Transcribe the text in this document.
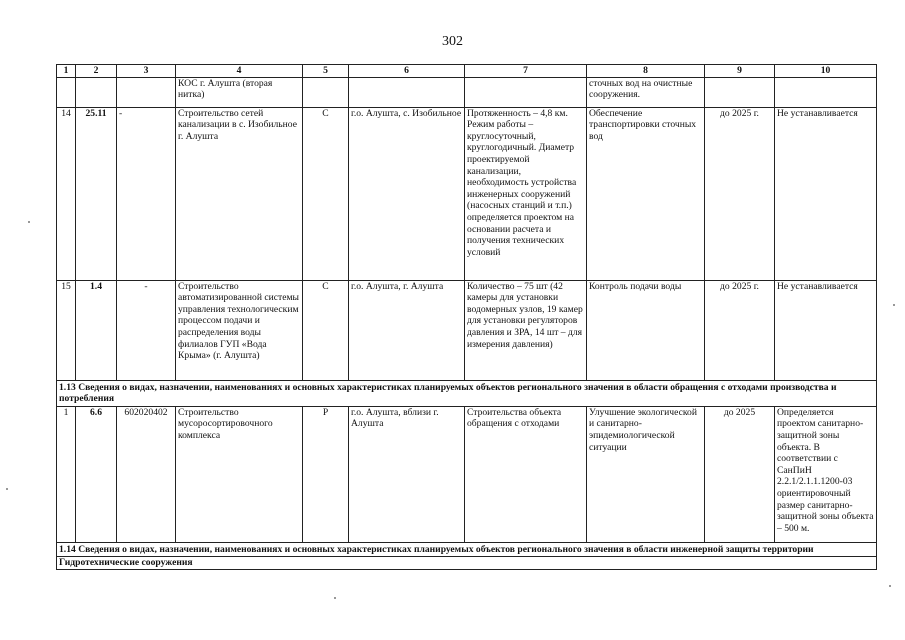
302
1	2	3	4	5	6	7	8	9	10
			КОС г. Алушта (вторая нитка)				сточных вод на очистные сооружения.		
14	25.11	-	Строительство сетей канализации в с. Изобильное г. Алушта	С	г.о. Алушта, с. Изобильное	Протяженность – 4,8 км. Режим работы – круглосуточный, круглогодичный. Диаметр проектируемой канализации, необходимость устройства инженерных сооружений (насосных станций и т.п.) определяется проектом на основании расчета и получения технических условий	Обеспечение транспортировки сточных вод	до 2025 г.	Не устанавливается
15	1.4	-	Строительство автоматизированной системы управления технологическим процессом подачи и распределения воды филиалов ГУП «Вода Крыма» (г. Алушта)	С	г.о. Алушта, г. Алушта	Количество – 75 шт (42 камеры для установки водомерных узлов, 19 камер для установки регуляторов давления и ЗРА, 14 шт – для измерения давления)	Контроль подачи воды	до 2025 г.	Не устанавливается
1.13 Сведения о видах, назначении, наименованиях и основных характеристиках планируемых объектов регионального значения в области обращения с отходами производства и потребления									
1	6.6	602020402	Строительство мусоросортировочного комплекса	Р	г.о. Алушта, вблизи г. Алушта	Строительства объекта обращения с отходами	Улучшение экологической и санитарно-эпидемиологической ситуации	до 2025	Определяется проектом санитарно-защитной зоны объекта. В соответствии с СанПиН 2.2.1/2.1.1.1200-03 ориентировочный размер санитарно-защитной зоны объекта – 500 м.
1.14 Сведения о видах, назначении, наименованиях и основных характеристиках планируемых объектов регионального значения в области инженерной защиты территории									
Гидротехнические сооружения									
